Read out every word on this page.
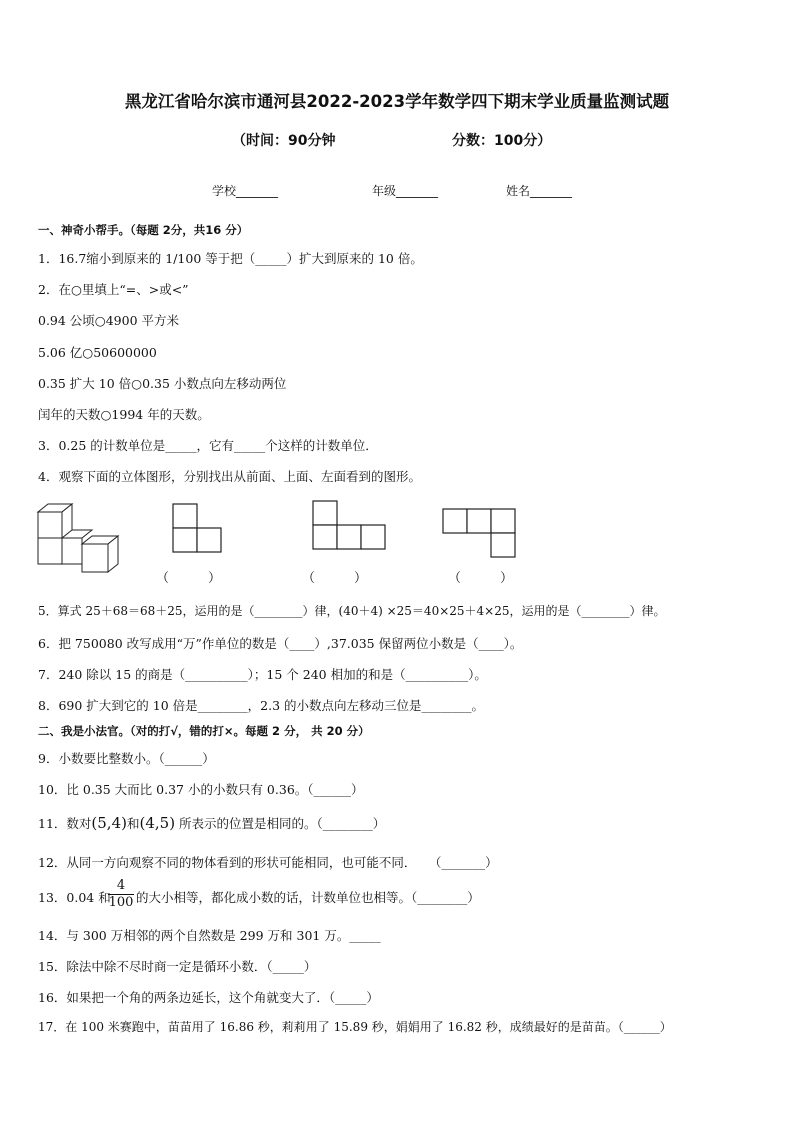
黑龙江省哈尔滨市通河县2022-2023学年数学四下期末学业质量监测试题
（时间：90分钟	分数：100分）
学校_______	年级_______	姓名_______
一、神奇小帮手。（每题 2分，共16 分）
1．16.7缩小到原来的 1/100 等于把（_____）扩大到原来的 10 倍。
2．在○里填上“=、>或<”
0.94 公顷○4900 平方米
5.06 亿○50600000
0.35 扩大 10 倍○0.35 小数点向左移动两位
闰年的天数○1994 年的天数。
3．0.25 的计数单位是_____，它有_____个这样的计数单位．
4．观察下面的立体图形，分别找出从前面、上面、左面看到的图形。
（　　　）	（　　　）	（　　　）
5．算式 25＋68＝68＋25，运用的是（________）律，(40＋4) ×25＝40×25＋4×25，运用的是（________）律。
6．把 750080 改写成用“万”作单位的数是（____）,37.035 保留两位小数是（____）。
7．240 除以 15 的商是（__________）；15 个 240 相加的和是（__________）。
8．690 扩大到它的 10 倍是________，2.3 的小数点向左移动三位是________。
二、我是小法官。（对的打√，错的打×。每题 2 分， 共 20 分）
9．小数要比整数小。（______）
10．比 0.35 大而比 0.37 小的小数只有 0.36。（______）
11．数对(5,4)和(4,5) 所表示的位置是相同的。（________）
12．从同一方向观察不同的物体看到的形状可能相同，也可能不同．　　（_______）
13．0.04 和
$\frac{4}{100}$ 的大小相等，都化成小数的话，计数单位也相等。（________）
14．与 300 万相邻的两个自然数是 299 万和 301 万。_____
15．除法中除不尽时商一定是循环小数．（_____）
16．如果把一个角的两条边延长，这个角就变大了．（_____）
17．在 100 米赛跑中，苗苗用了 16.86 秒，莉莉用了 15.89 秒，娟娟用了 16.82 秒，成绩最好的是苗苗。（______）
